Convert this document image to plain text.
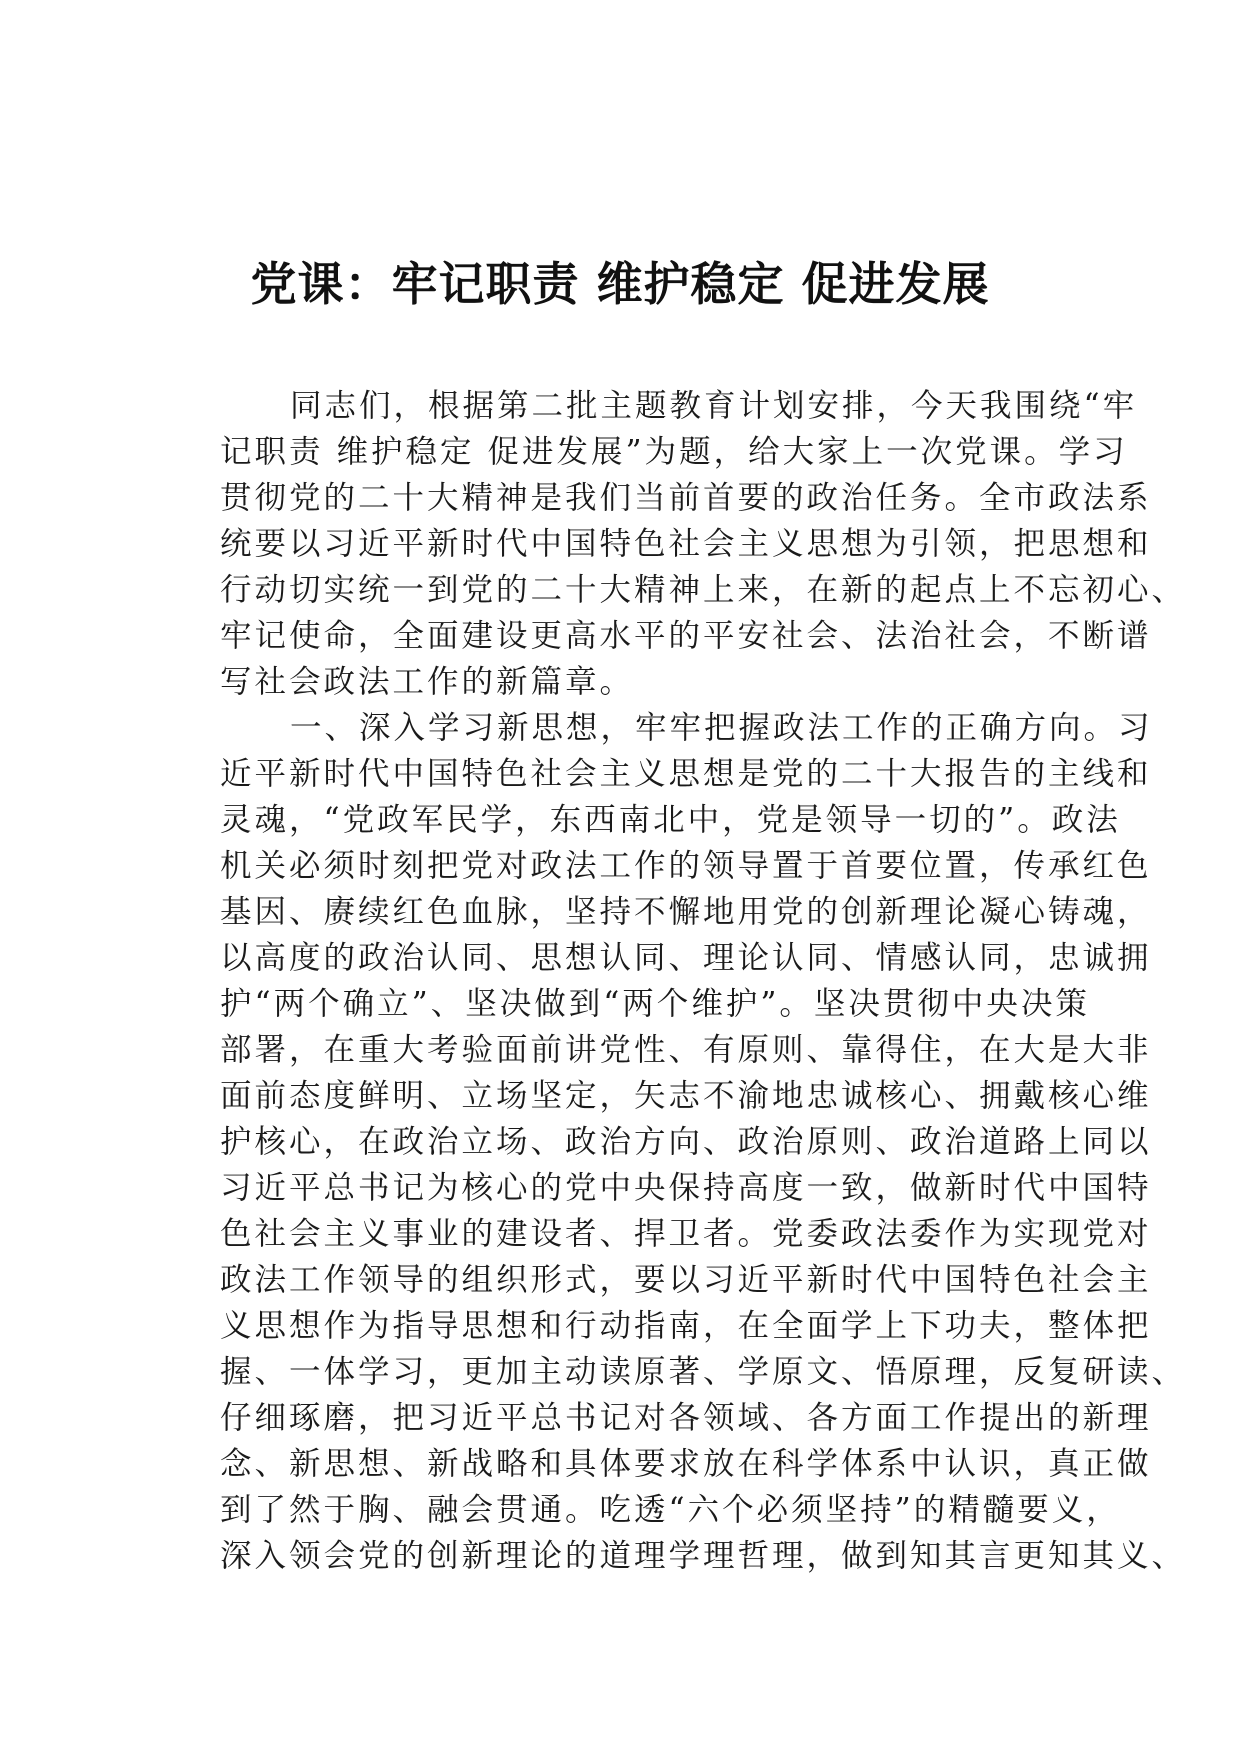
党课：牢记职责 维护稳定 促进发展
同志们，根据第二批主题教育计划安排，今天我围绕“牢
记职责 维护稳定 促进发展”为题，给大家上一次党课。学习
贯彻党的二十大精神是我们当前首要的政治任务。全市政法系
统要以习近平新时代中国特色社会主义思想为引领，把思想和
行动切实统一到党的二十大精神上来，在新的起点上不忘初心、
牢记使命，全面建设更高水平的平安社会、法治社会，不断谱
写社会政法工作的新篇章。
一、深入学习新思想，牢牢把握政法工作的正确方向。习
近平新时代中国特色社会主义思想是党的二十大报告的主线和
灵魂，“党政军民学，东西南北中，党是领导一切的”。政法
机关必须时刻把党对政法工作的领导置于首要位置，传承红色
基因、赓续红色血脉，坚持不懈地用党的创新理论凝心铸魂，
以高度的政治认同、思想认同、理论认同、情感认同，忠诚拥
护“两个确立”、坚决做到“两个维护”。坚决贯彻中央决策
部署，在重大考验面前讲党性、有原则、靠得住，在大是大非
面前态度鲜明、立场坚定，矢志不渝地忠诚核心、拥戴核心维
护核心，在政治立场、政治方向、政治原则、政治道路上同以
习近平总书记为核心的党中央保持高度一致，做新时代中国特
色社会主义事业的建设者、捍卫者。党委政法委作为实现党对
政法工作领导的组织形式，要以习近平新时代中国特色社会主
义思想作为指导思想和行动指南，在全面学上下功夫，整体把
握、一体学习，更加主动读原著、学原文、悟原理，反复研读、
仔细琢磨，把习近平总书记对各领域、各方面工作提出的新理
念、新思想、新战略和具体要求放在科学体系中认识，真正做
到了然于胸、融会贯通。吃透“六个必须坚持”的精髓要义，
深入领会党的创新理论的道理学理哲理，做到知其言更知其义、
